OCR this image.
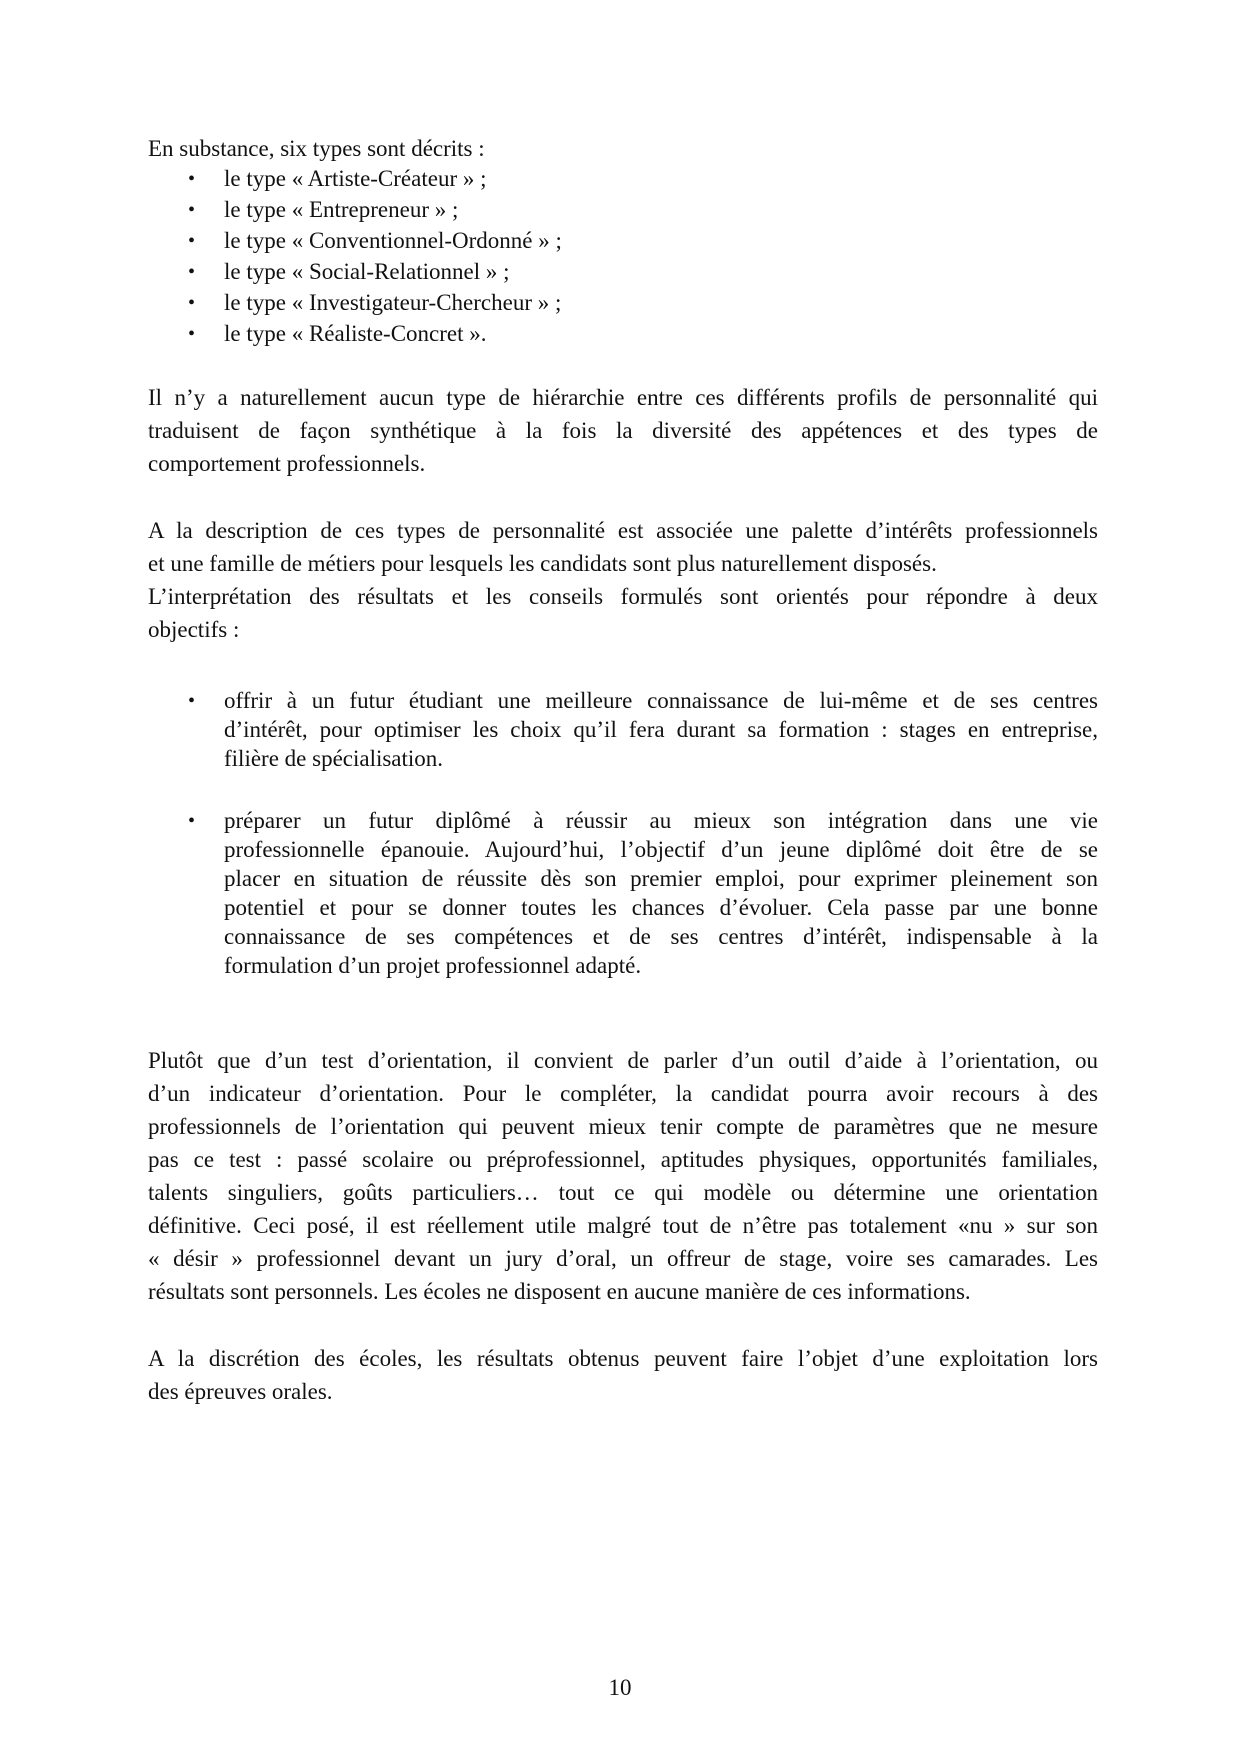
En substance, six types sont décrits :
• le type « Artiste-Créateur » ;
• le type « Entrepreneur » ;
• le type « Conventionnel-Ordonné » ;
• le type « Social-Relationnel » ;
• le type « Investigateur-Chercheur » ;
• le type « Réaliste-Concret ».
Il n’y a naturellement aucun type de hiérarchie entre ces différents profils de personnalité qui
traduisent de façon synthétique à la fois la diversité des appétences et des types de
comportement professionnels.
A la description de ces types de personnalité est associée une palette d’intérêts professionnels
et une famille de métiers pour lesquels les candidats sont plus naturellement disposés.
L’interprétation des résultats et les conseils formulés sont orientés pour répondre à deux
objectifs :
• offrir à un futur étudiant une meilleure connaissance de lui-même et de ses centres
d’intérêt, pour optimiser les choix qu’il fera durant sa formation : stages en entreprise,
filière de spécialisation.
• préparer un futur diplômé à réussir au mieux son intégration dans une vie
professionnelle épanouie. Aujourd’hui, l’objectif d’un jeune diplômé doit être de se
placer en situation de réussite dès son premier emploi, pour exprimer pleinement son
potentiel et pour se donner toutes les chances d’évoluer. Cela passe par une bonne
connaissance de ses compétences et de ses centres d’intérêt, indispensable à la
formulation d’un projet professionnel adapté.
Plutôt que d’un test d’orientation, il convient de parler d’un outil d’aide à l’orientation, ou
d’un indicateur d’orientation. Pour le compléter, la candidat pourra avoir recours à des
professionnels de l’orientation qui peuvent mieux tenir compte de paramètres que ne mesure
pas ce test : passé scolaire ou préprofessionnel, aptitudes physiques, opportunités familiales,
talents singuliers, goûts particuliers… tout ce qui modèle ou détermine une orientation
définitive. Ceci posé, il est réellement utile malgré tout de n’être pas totalement «nu » sur son
« désir » professionnel devant un jury d’oral, un offreur de stage, voire ses camarades. Les
résultats sont personnels. Les écoles ne disposent en aucune manière de ces informations.
A la discrétion des écoles, les résultats obtenus peuvent faire l’objet d’une exploitation lors
des épreuves orales.
10
